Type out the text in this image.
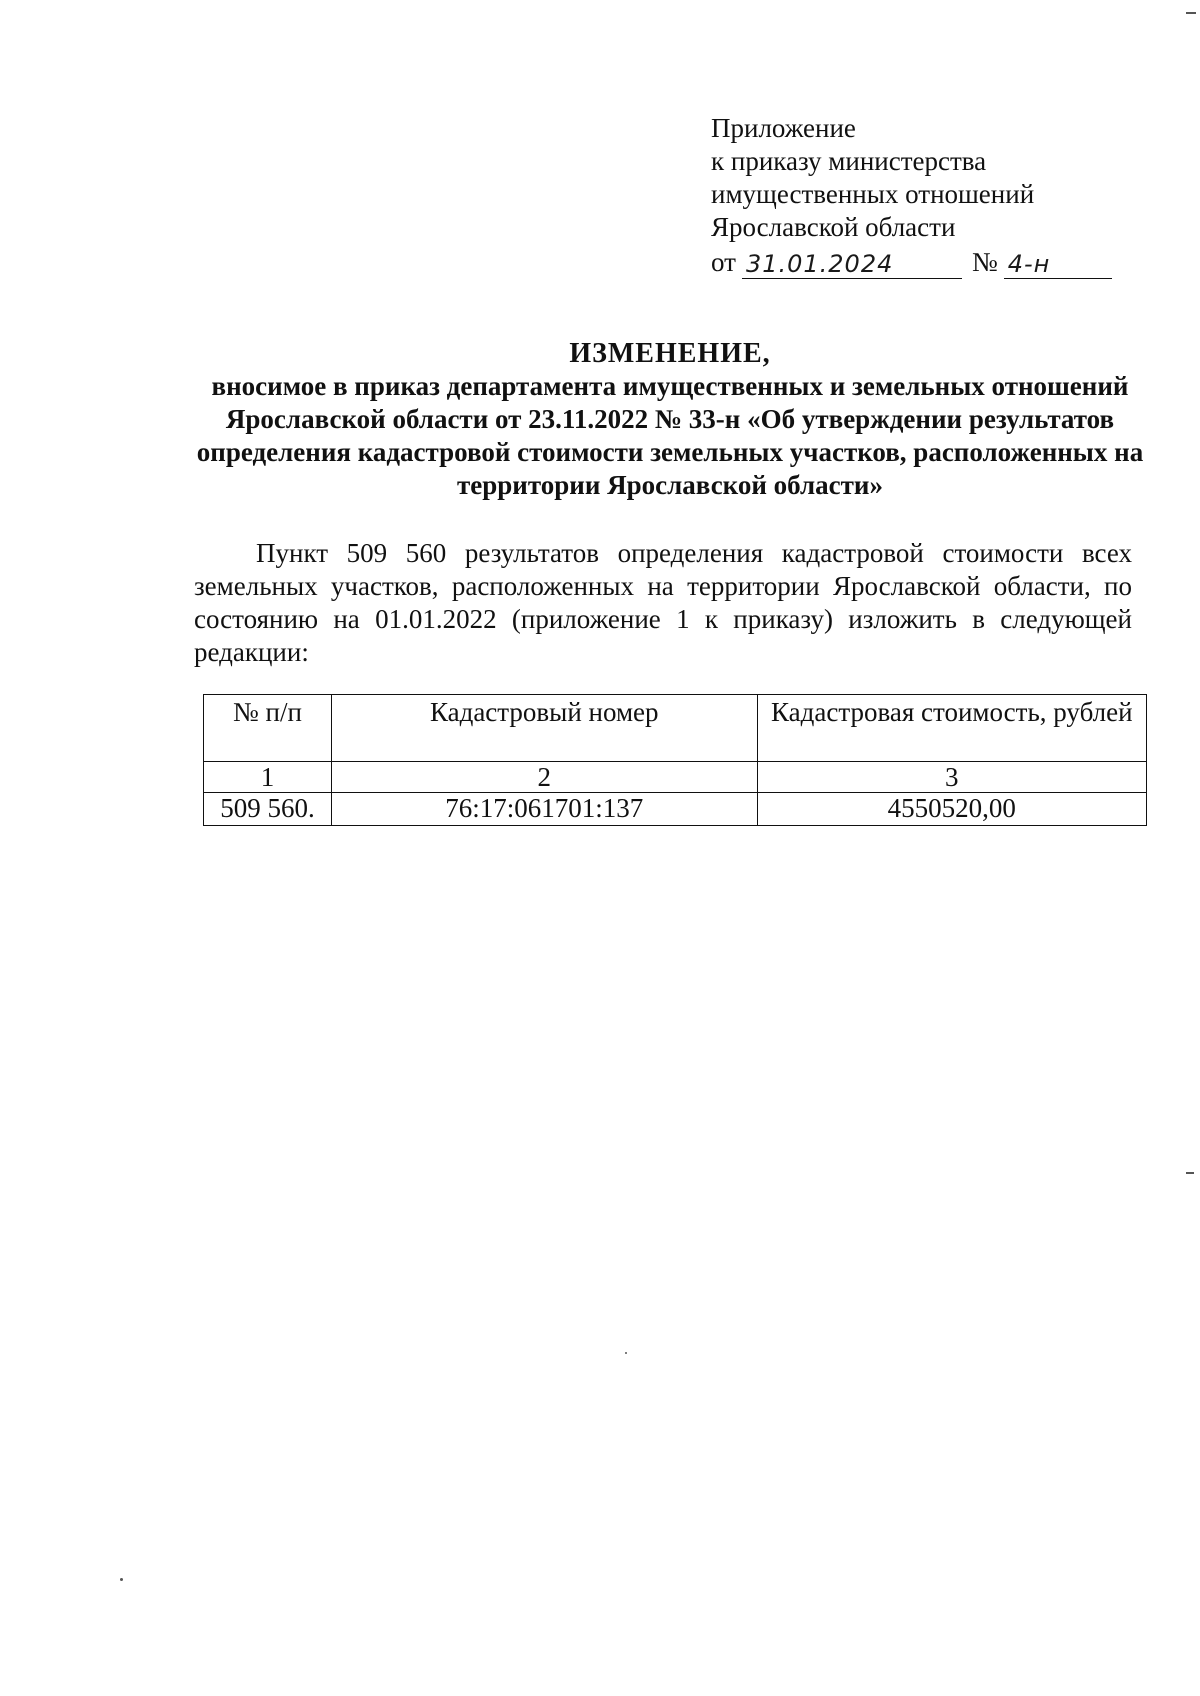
Приложение
к приказу министерства
имущественных отношений
Ярославской области
от 31.01.2024	№ 4-н
ИЗМЕНЕНИЕ,
вносимое в приказ департамента имущественных и земельных отношений Ярославской области от 23.11.2022 № 33-н «Об утверждении результатов определения кадастровой стоимости земельных участков, расположенных на территории Ярославской области»
Пункт 509 560 результатов определения кадастровой стоимости всех земельных участков, расположенных на территории Ярославской области, по состоянию на 01.01.2022 (приложение 1 к приказу) изложить в следующей редакции:
№ п/п	Кадастровый номер	Кадастровая стоимость, рублей
1	2	3
509 560.	76:17:061701:137	4550520,00
